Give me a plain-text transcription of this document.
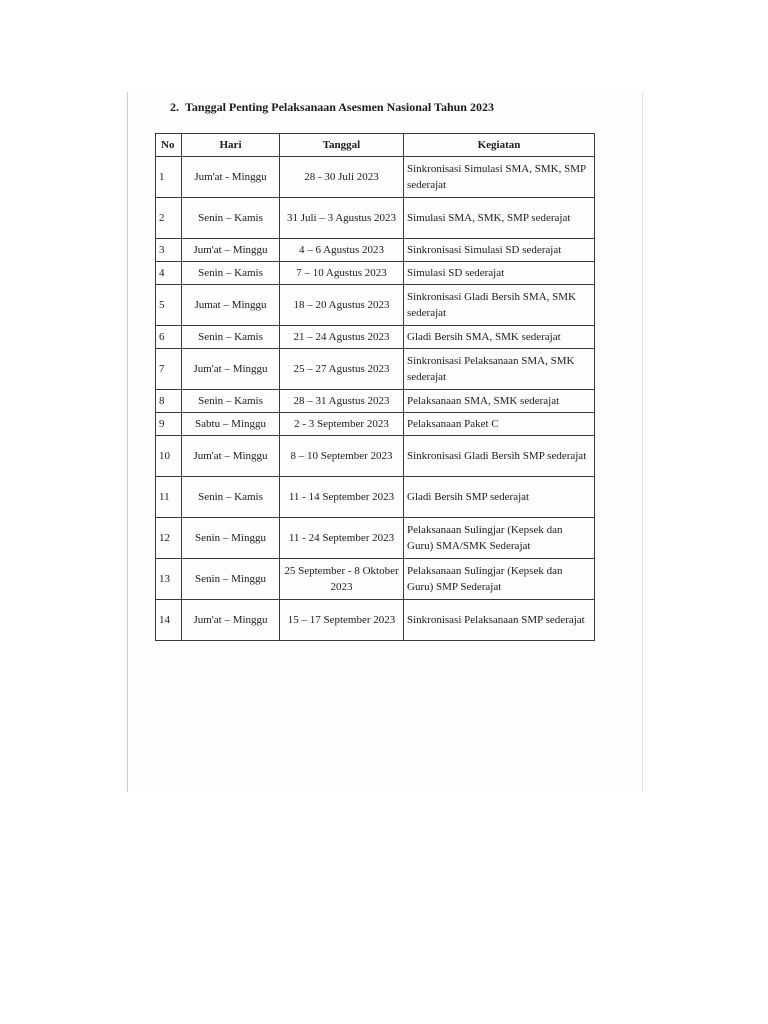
2. Tanggal Penting Pelaksanaan Asesmen Nasional Tahun 2023
No	Hari	Tanggal	Kegiatan
1	Jum'at - Minggu	28 - 30 Juli 2023	Sinkronisasi Simulasi SMA, SMK, SMP sederajat
2	Senin – Kamis	31 Juli – 3 Agustus 2023	Simulasi SMA, SMK, SMP sederajat
3	Jum'at – Minggu	4 – 6 Agustus 2023	Sinkronisasi Simulasi SD sederajat
4	Senin – Kamis	7 – 10 Agustus 2023	Simulasi SD sederajat
5	Jumat – Minggu	18 – 20 Agustus 2023	Sinkronisasi Gladi Bersih SMA, SMK sederajat
6	Senin – Kamis	21 – 24 Agustus 2023	Gladi Bersih SMA, SMK sederajat
7	Jum'at – Minggu	25 – 27 Agustus 2023	Sinkronisasi Pelaksanaan SMA, SMK sederajat
8	Senin – Kamis	28 – 31 Agustus 2023	Pelaksanaan SMA, SMK sederajat
9	Sabtu – Minggu	2 - 3 September 2023	Pelaksanaan Paket C
10	Jum'at – Minggu	8 – 10 September 2023	Sinkronisasi Gladi Bersih SMP sederajat
11	Senin – Kamis	11 - 14 September 2023	Gladi Bersih SMP sederajat
12	Senin – Minggu	11 - 24 September 2023	Pelaksanaan Sulingjar (Kepsek dan Guru) SMA/SMK Sederajat
13	Senin – Minggu	25 September - 8 Oktober 2023	Pelaksanaan Sulingjar (Kepsek dan Guru) SMP Sederajat
14	Jum'at – Minggu	15 – 17 September 2023	Sinkronisasi Pelaksanaan SMP sederajat
